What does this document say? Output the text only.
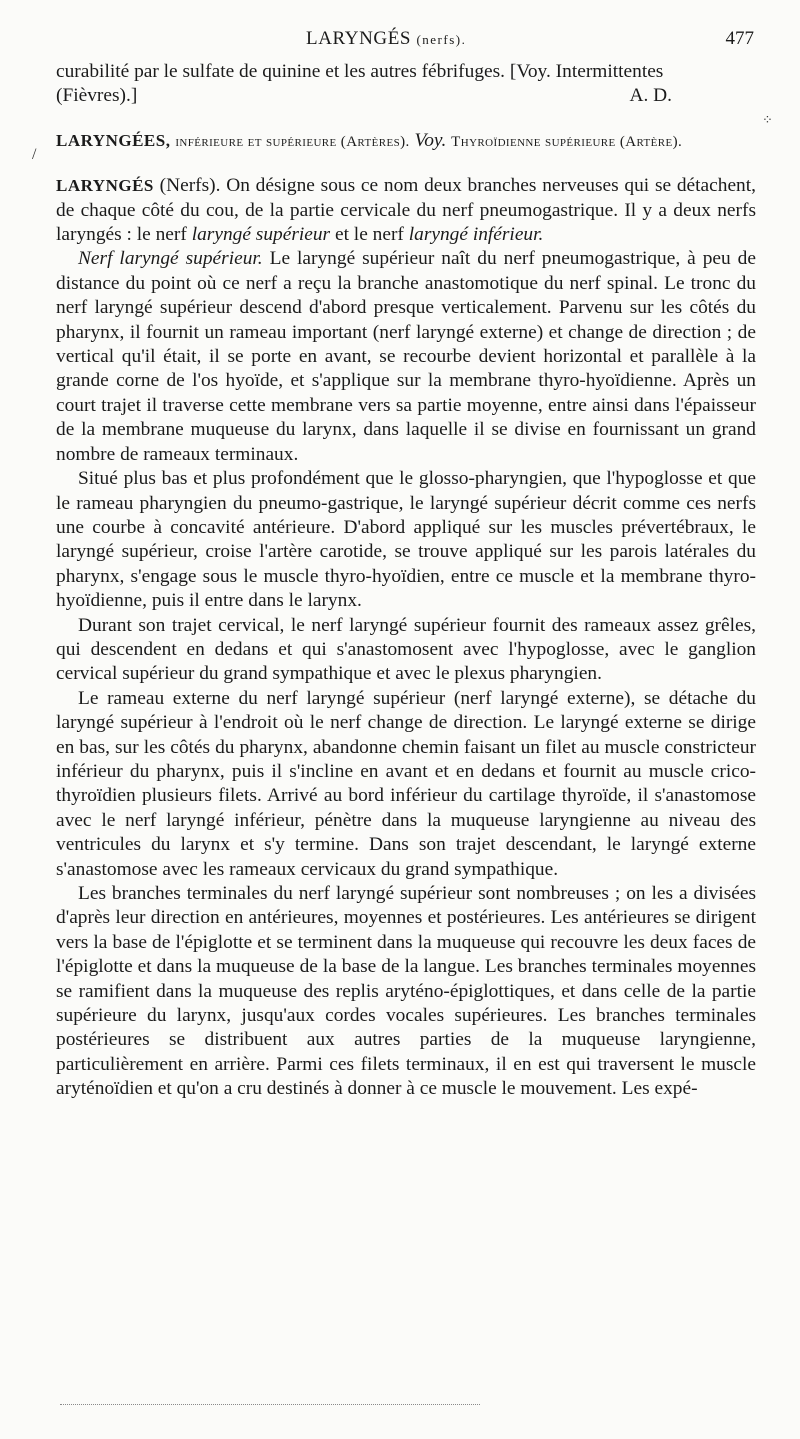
LARYNGÉS (nerfs).	477

curabilité par le sulfate de quinine et les autres fébrifuges. [Voy. Intermittentes

(Fièvres).]	A. D.

LARYNGÉES, inférieure et supérieure (Artères). Voy. Thyroïdienne supérieure (Artère).

LARYNGÉS (Nerfs). On désigne sous ce nom deux branches nerveuses qui se détachent, de chaque côté du cou, de la partie cervicale du nerf pneumogastrique. Il y a deux nerfs laryngés : le nerf laryngé supérieur et le nerf laryngé inférieur.

Nerf laryngé supérieur. Le laryngé supérieur naît du nerf pneumogastrique, à peu de distance du point où ce nerf a reçu la branche anastomotique du nerf spinal. Le tronc du nerf laryngé supérieur descend d'abord presque verticalement. Parvenu sur les côtés du pharynx, il fournit un rameau important (nerf laryngé externe) et change de direction ; de vertical qu'il était, il se porte en avant, se recourbe devient horizontal et parallèle à la grande corne de l'os hyoïde, et s'applique sur la membrane thyro-hyoïdienne. Après un court trajet il traverse cette membrane vers sa partie moyenne, entre ainsi dans l'épaisseur de la membrane muqueuse du larynx, dans laquelle il se divise en fournissant un grand nombre de rameaux terminaux.

Situé plus bas et plus profondément que le glosso-pharyngien, que l'hypoglosse et que le rameau pharyngien du pneumo-gastrique, le laryngé supérieur décrit comme ces nerfs une courbe à concavité antérieure. D'abord appliqué sur les muscles prévertébraux, le laryngé supérieur, croise l'artère carotide, se trouve appliqué sur les parois latérales du pharynx, s'engage sous le muscle thyro-hyoïdien, entre ce muscle et la membrane thyro-hyoïdienne, puis il entre dans le larynx.

Durant son trajet cervical, le nerf laryngé supérieur fournit des rameaux assez grêles, qui descendent en dedans et qui s'anastomosent avec l'hypoglosse, avec le ganglion cervical supérieur du grand sympathique et avec le plexus pharyngien.

Le rameau externe du nerf laryngé supérieur (nerf laryngé externe), se détache du laryngé supérieur à l'endroit où le nerf change de direction. Le laryngé externe se dirige en bas, sur les côtés du pharynx, abandonne chemin faisant un filet au muscle constricteur inférieur du pharynx, puis il s'incline en avant et en dedans et fournit au muscle crico-thyroïdien plusieurs filets. Arrivé au bord inférieur du cartilage thyroïde, il s'anastomose avec le nerf laryngé inférieur, pénètre dans la muqueuse laryngienne au niveau des ventricules du larynx et s'y termine. Dans son trajet descendant, le laryngé externe s'anastomose avec les rameaux cervicaux du grand sympathique.

Les branches terminales du nerf laryngé supérieur sont nombreuses ; on les a divisées d'après leur direction en antérieures, moyennes et postérieures. Les antérieures se dirigent vers la base de l'épiglotte et se terminent dans la muqueuse qui recouvre les deux faces de l'épiglotte et dans la muqueuse de la base de la langue. Les branches terminales moyennes se ramifient dans la muqueuse des replis aryténo-épiglottiques, et dans celle de la partie supérieure du larynx, jusqu'aux cordes vocales supérieures. Les branches terminales postérieures se distribuent aux autres parties de la muqueuse laryngienne, particulièrement en arrière. Parmi ces filets terminaux, il en est qui traversent le muscle aryténoïdien et qu'on a cru destinés à donner à ce muscle le mouvement. Les expé-

/
⁘
